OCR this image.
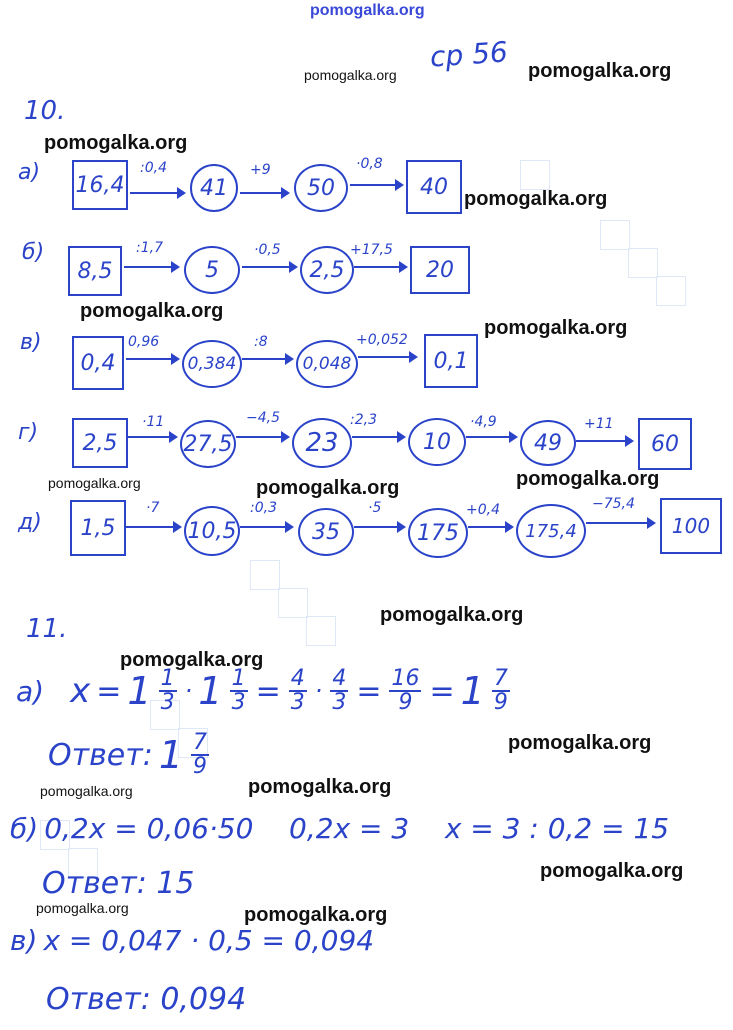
pomogalka.org
pomogalka.org	pomogalka.org
pomogalka.org
pomogalka.org
pomogalka.org
pomogalka.org
pomogalka.org	pomogalka.org	pomogalka.org
pomogalka.org
pomogalka.org
pomogalka.org
pomogalka.org	pomogalka.org
pomogalka.org
pomogalka.org	pomogalka.org
ср 56
10.
а) 16,4
:0,4
41
+9
50
·0,8
40
б)
8,5
:1,7
5
·0,5
2,5
+17,5
20
в)
0,4
0,96
0,384
:8
0,048
+0,052
0,1
г)	2,5
·11
27,5
−4,5
23
:2,3
10
·4,9
49
+11
60
д)	1,5
·7
10,5
:0,3
35
·5
175
+0,4
175,4
−75,4
100
11.
а) $x = 1 \frac{1}{3} \cdot 1 \frac{1}{3} = \frac{4}{3} \cdot \frac{4}{3} = \frac{16}{9} = 1 \frac{7}{9}$
Ответ: $1 \frac{7}{9}$
б) 0,2x = 0,06·50    0,2x = 3    x = 3 : 0,2 = 15
Ответ: 15
в) x = 0,047 · 0,5 = 0,094
Ответ: 0,094
